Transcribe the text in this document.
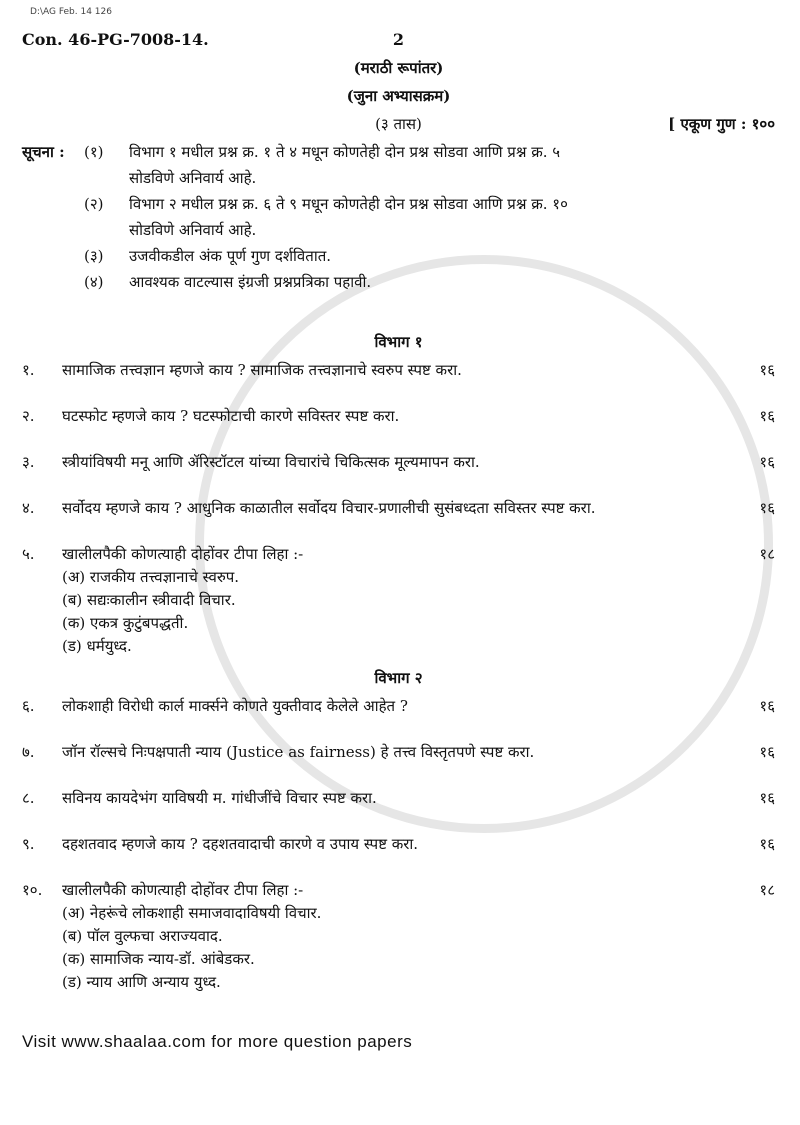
D:\AG Feb. 14 126
Con. 46-PG-7008-14.	2
(मराठी रूपांतर)
(जुना अभ्यासक्रम)
(३ तास)	[ एकूण गुण : १००
सूचना :	(१)	विभाग १ मधील प्रश्न क्र. १ ते ४ मधून कोणतेही दोन प्रश्न सोडवा आणि प्रश्न क्र. ५
सोडविणे अनिवार्य आहे.
(२)	विभाग २ मधील प्रश्न क्र. ६ ते ९ मधून कोणतेही दोन प्रश्न सोडवा आणि प्रश्न क्र. १०
सोडविणे अनिवार्य आहे.
(३)	उजवीकडील अंक पूर्ण गुण दर्शवितात.
(४)	आवश्यक वाटल्यास इंग्रजी प्रश्नप्रत्रिका पहावी.
विभाग १
१.	सामाजिक तत्त्वज्ञान म्हणजे काय ? सामाजिक तत्त्वज्ञानाचे स्वरुप स्पष्ट करा.	१६
२.	घटस्फोट म्हणजे काय ? घटस्फोटाची कारणे सविस्तर स्पष्ट करा.	१६
३.	स्त्रीयांविषयी मनू आणि ॲरिस्टॉटल यांच्या विचारांचे चिकित्सक मूल्यमापन करा.	१६
४.	सर्वोदय म्हणजे काय ? आधुनिक काळातील सर्वोदय विचार-प्रणालीची सुसंबध्दता सविस्तर स्पष्ट करा.	१६
५.	खालीलपैकी कोणत्याही दोहोंवर टीपा लिहा :-	१८
(अ) राजकीय तत्त्वज्ञानाचे स्वरुप.
(ब) सद्यःकालीन स्त्रीवादी विचार.
(क) एकत्र कुटुंबपद्धती.
(ड) धर्मयुध्द.
विभाग २
६.	लोकशाही विरोधी कार्ल मार्क्सने कोणते युक्तीवाद केलेले आहेत ?	१६
७.	जॉन रॉल्सचे निःपक्षपाती न्याय (Justice as fairness) हे तत्त्व विस्तृतपणे स्पष्ट करा.	१६
८.	सविनय कायदेभंग याविषयी म. गांधीजींचे विचार स्पष्ट करा.	१६
९.	दहशतवाद म्हणजे काय ? दहशतवादाची कारणे व उपाय स्पष्ट करा.	१६
१०.	खालीलपैकी कोणत्याही दोहोंवर टीपा लिहा :-	१८
(अ) नेहरूंचे लोकशाही समाजवादाविषयी विचार.
(ब) पॉल वुल्फचा अराज्यवाद.
(क) सामाजिक न्याय-डॉ. आंबेडकर.
(ड) न्याय आणि अन्याय युध्द.
Visit www.shaalaa.com for more question papers
